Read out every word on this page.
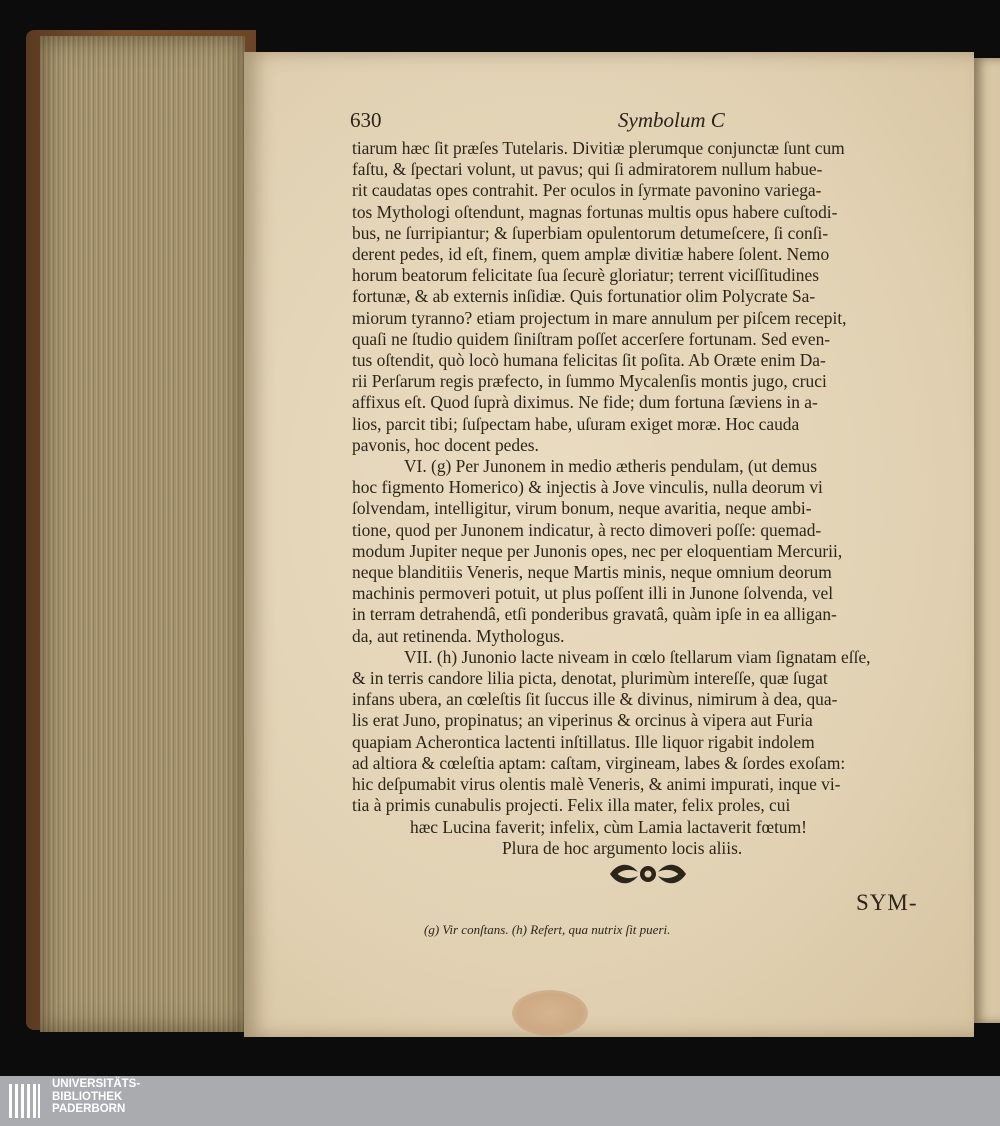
630	Symbolum C
tiarum hæc ſit præſes Tutelaris. Divitiæ plerumque conjunctæ ſunt cum
faſtu, & ſpectari volunt, ut pavus; qui ſi admiratorem nullum habue-
rit caudatas opes contrahit. Per oculos in ſyrmate pavonino variega-
tos Mythologi oſtendunt, magnas fortunas multis opus habere cuſtodi-
bus, ne ſurripiantur; & ſuperbiam opulentorum detumeſcere, ſi conſi-
derent pedes, id eſt, finem, quem amplæ divitiæ habere ſolent. Nemo
horum beatorum felicitate ſua ſecurè gloriatur; terrent viciſſitudines
fortunæ, & ab externis inſidiæ. Quis fortunatior olim Polycrate Sa-
miorum tyranno? etiam projectum in mare annulum per piſcem recepit,
quaſi ne ſtudio quidem ſiniſtram poſſet accerſere fortunam. Sed even-
tus oſtendit, quò locò humana felicitas ſit poſita. Ab Oræte enim Da-
rii Perſarum regis præfecto, in ſummo Mycalenſis montis jugo, cruci
affixus eſt. Quod ſuprà diximus. Ne fide; dum fortuna ſæviens in a-
lios, parcit tibi; ſuſpectam habe, uſuram exiget moræ. Hoc cauda
pavonis, hoc docent pedes.
VI. (g) Per Junonem in medio ætheris pendulam, (ut demus
hoc figmento Homerico) & injectis à Jove vinculis, nulla deorum vi
ſolvendam, intelligitur, virum bonum, neque avaritia, neque ambi-
tione, quod per Junonem indicatur, à recto dimoveri poſſe: quemad-
modum Jupiter neque per Junonis opes, nec per eloquentiam Mercurii,
neque blanditiis Veneris, neque Martis minis, neque omnium deorum
machinis permoveri potuit, ut plus poſſent illi in Junone ſolvenda, vel
in terram detrahendâ, etſi ponderibus gravatâ, quàm ipſe in ea alligan-
da, aut retinenda. Mythologus.
VII. (h) Junonio lacte niveam in cœlo ſtellarum viam ſignatam eſſe,
& in terris candore lilia picta, denotat, plurimùm intereſſe, quæ ſugat
infans ubera, an cœleſtis ſit ſuccus ille & divinus, nimirum à dea, qua-
lis erat Juno, propinatus; an viperinus & orcinus à vipera aut Furia
quapiam Acherontica lactenti inſtillatus. Ille liquor rigabit indolem
ad altiora & cœleſtia aptam: caſtam, virgineam, labes & ſordes exoſam:
hic deſpumabit virus olentis malè Veneris, & animi impurati, inque vi-
tia à primis cunabulis projecti. Felix illa mater, felix proles, cui
hæc Lucina faverit; infelix, cùm Lamia lactaverit fœtum!
Plura de hoc argumento locis aliis.
SYM-
(g) Vir conſtans. (h) Refert, qua nutrix ſit pueri.
UNIVERSITÄTS-
BIBLIOTHEK
PADERBORN
